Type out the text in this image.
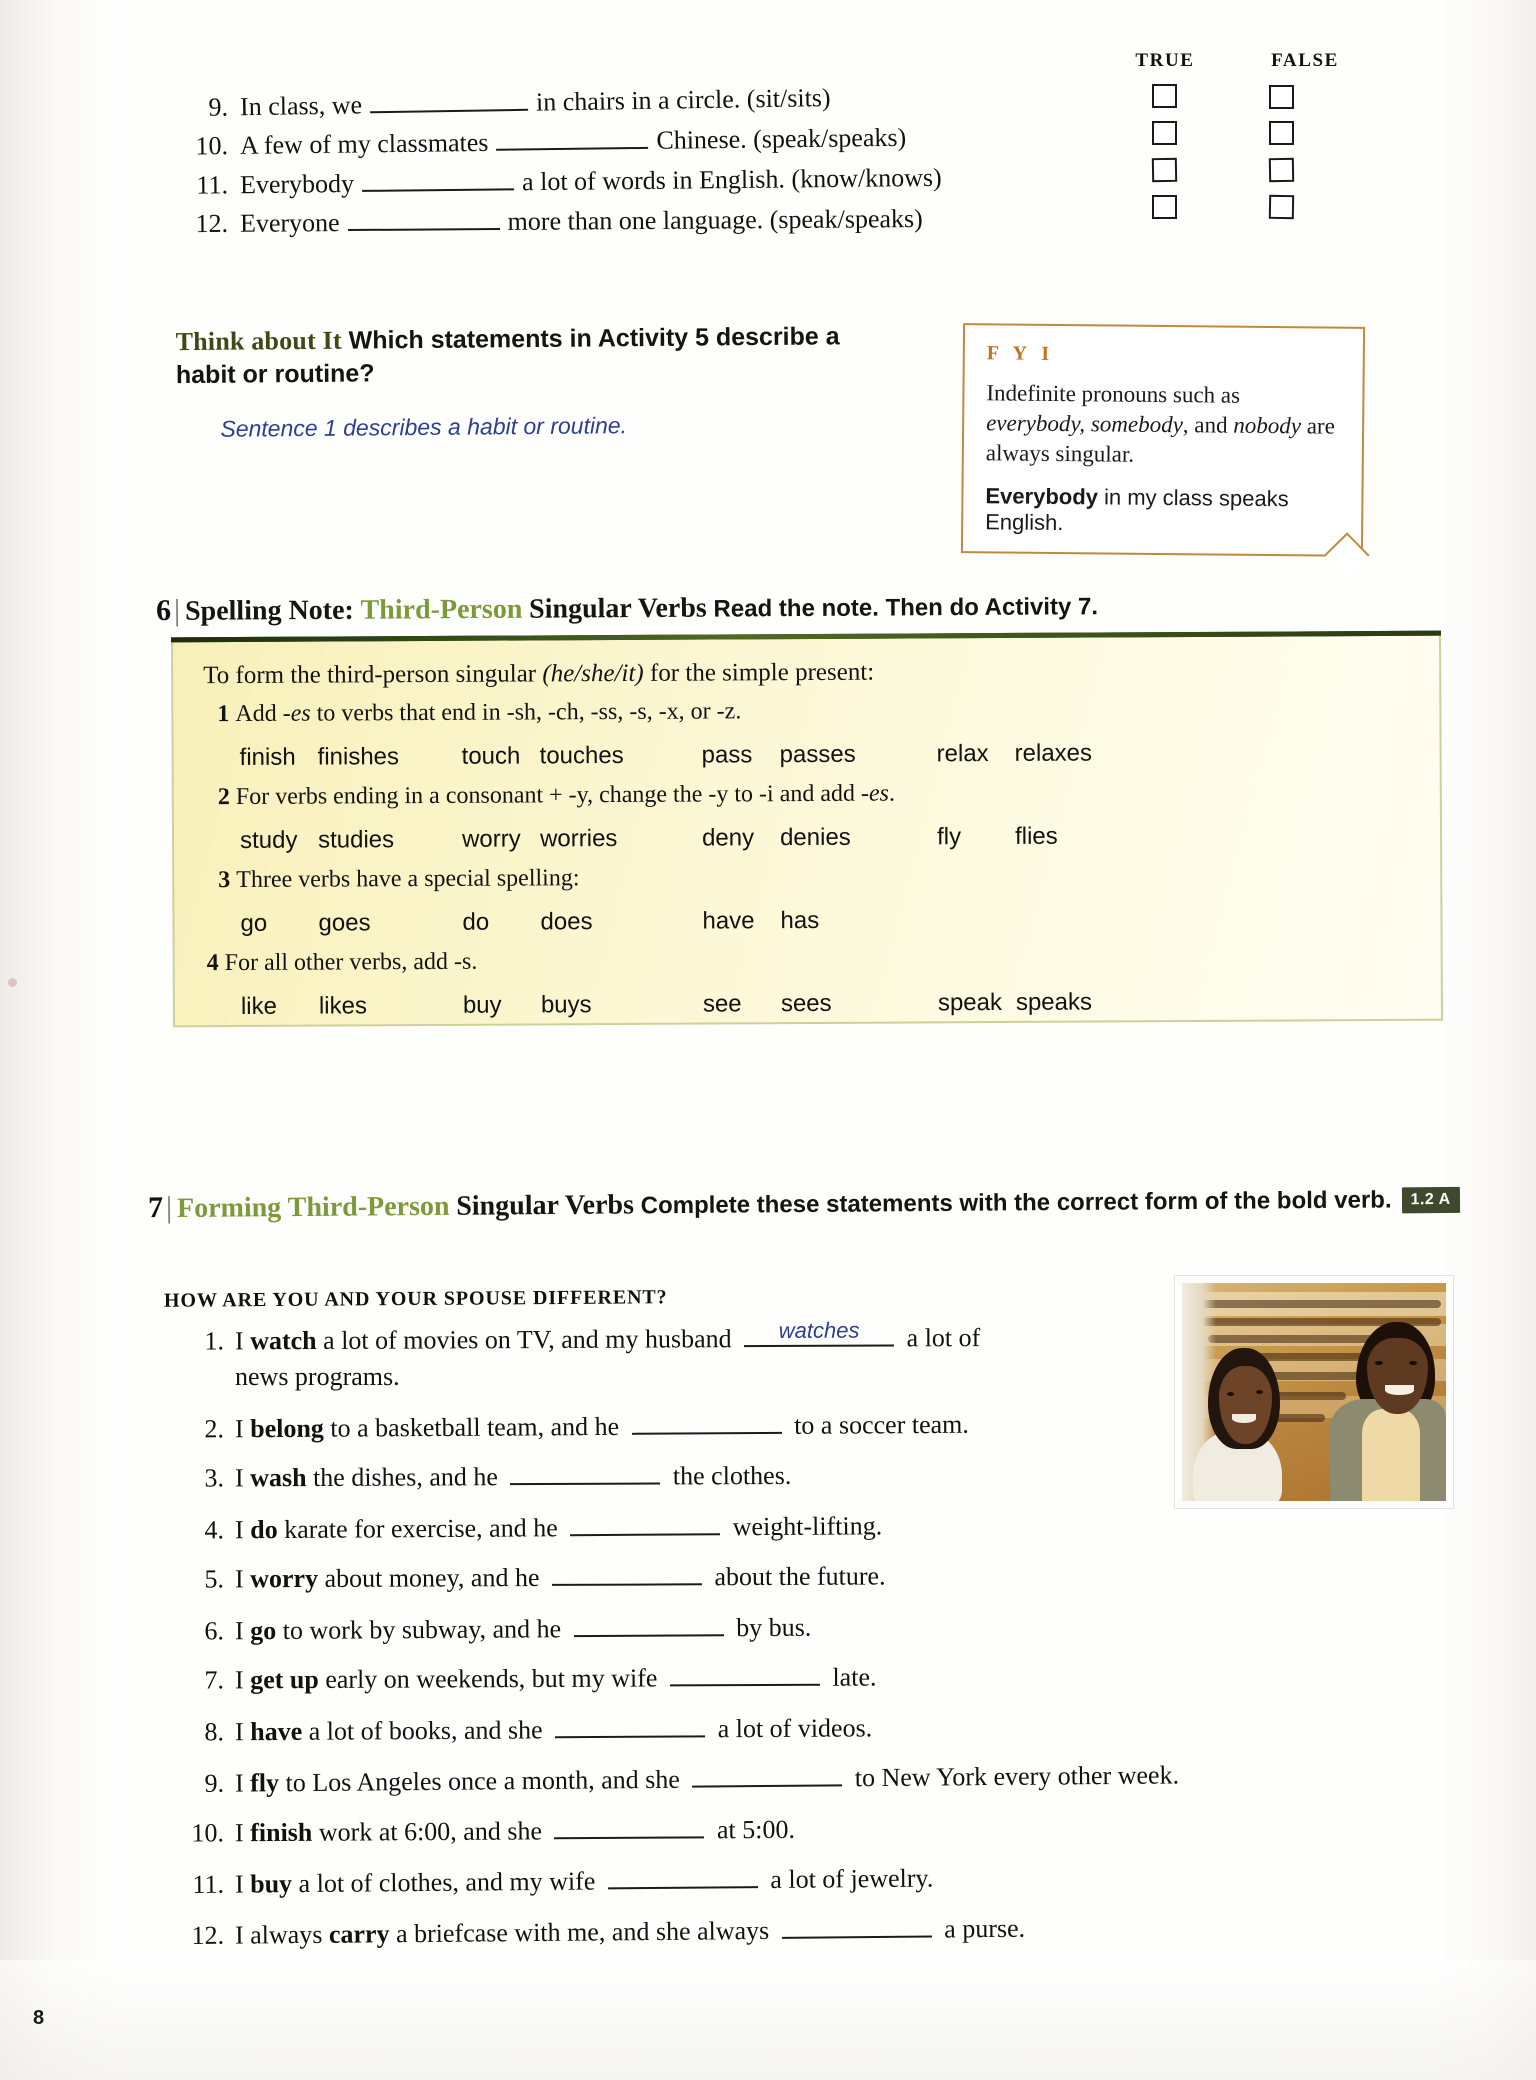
TRUE	FALSE
9. In class, we	in chairs in a circle. (sit/sits)
10. A few of my classmates	Chinese. (speak/speaks)
11. Everybody	a lot of words in English. (know/knows)
12. Everyone	more than one language. (speak/speaks)
Think about It Which statements in Activity 5 describe a habit or routine?
Sentence 1 describes a habit or routine.
F Y I
Indefinite pronouns such as everybody, somebody, and nobody are always singular.
Everybody in my class speaks English.
6| Spelling Note: Third-Person Singular Verbs Read the note. Then do Activity 7.
To form the third-person singular (he/she/it) for the simple present:
1 Add -es to verbs that end in -sh, -ch, -ss, -s, -x, or -z.
finish finishes	touch touches	pass	passes	relax	relaxes
2 For verbs ending in a consonant + -y, change the -y to -i and add -es.
study studies	worry worries	deny	denies	fly	flies
3 Three verbs have a special spelling:
go	goes	do	does	have	has
4 For all other verbs, add -s.
like	likes	buy	buys	see	sees	speak speaks
7| Forming Third-Person Singular Verbs Complete these statements with the correct form of the bold verb. 1.2 A
HOW ARE YOU AND YOUR SPOUSE DIFFERENT?
1. I watch a lot of movies on TV, and my husband	watches	a lot of
news programs.
2. I belong to a basketball team, and he	to a soccer team.
3. I wash the dishes, and he	the clothes.
4. I do karate for exercise, and he	weight-lifting.
5. I worry about money, and he	about the future.
6. I go to work by subway, and he	by bus.
7. I get up early on weekends, but my wife	late.
8. I have a lot of books, and she	a lot of videos.
9. I fly to Los Angeles once a month, and she	to New York every other week.
10. I finish work at 6:00, and she	at 5:00.
11. I buy a lot of clothes, and my wife	a lot of jewelry.
12. I always carry a briefcase with me, and she always	a purse.
8
